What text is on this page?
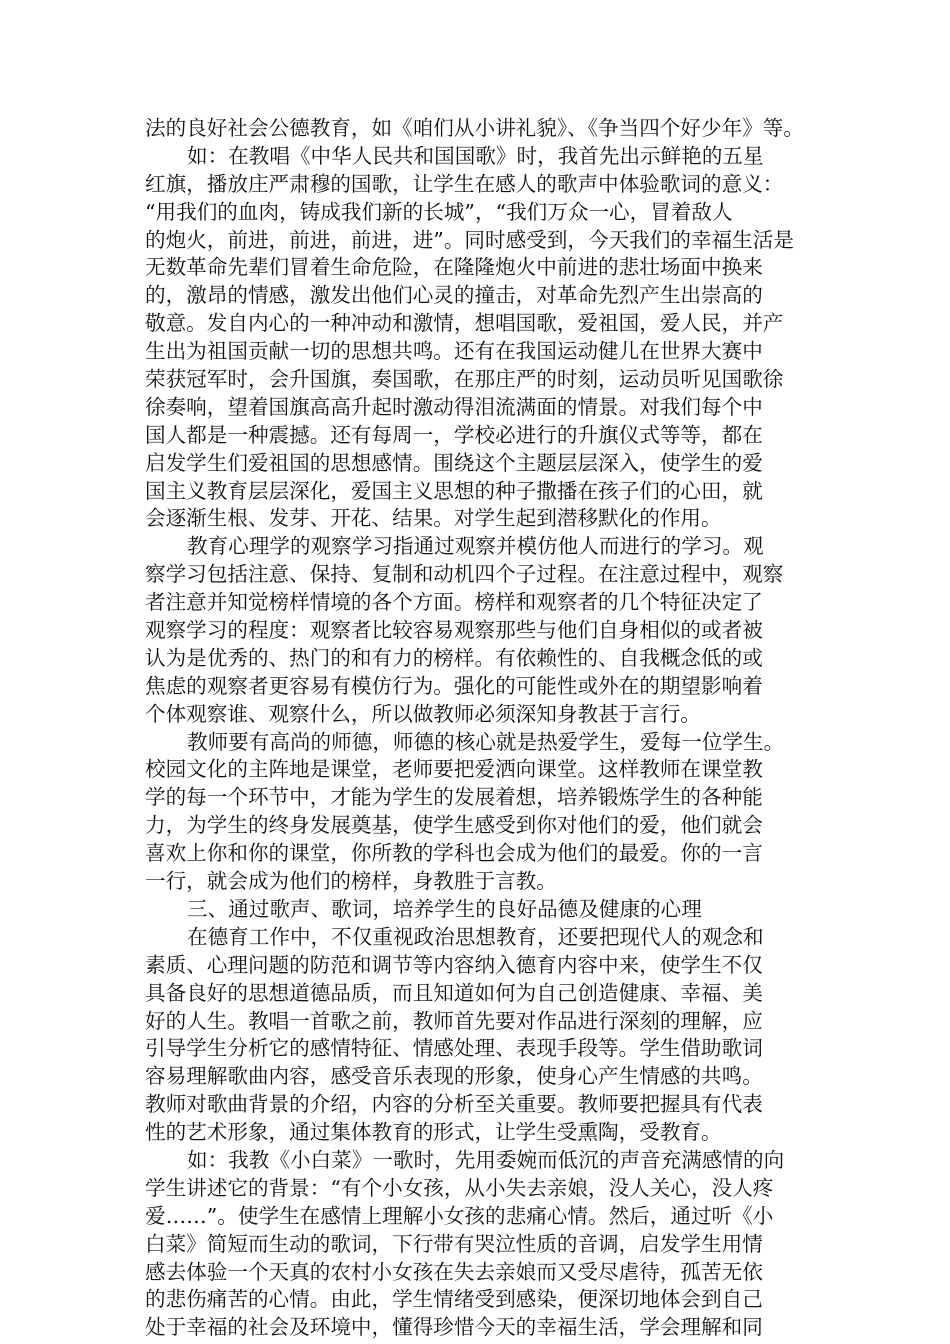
法的良好社会公德教育，如《咱们从小讲礼貌》、《争当四个好少年》等。
如：在教唱《中华人民共和国国歌》时，我首先出示鲜艳的五星
红旗，播放庄严肃穆的国歌，让学生在感人的歌声中体验歌词的意义：
“用我们的血肉，铸成我们新的长城”，“我们万众一心，冒着敌人
的炮火，前进，前进，前进，进”。同时感受到，今天我们的幸福生活是
无数革命先辈们冒着生命危险，在隆隆炮火中前进的悲壮场面中换来
的，激昂的情感，激发出他们心灵的撞击，对革命先烈产生出崇高的
敬意。发自内心的一种冲动和激情，想唱国歌，爱祖国，爱人民，并产
生出为祖国贡献一切的思想共鸣。还有在我国运动健儿在世界大赛中
荣获冠军时，会升国旗，奏国歌，在那庄严的时刻，运动员听见国歌徐
徐奏响，望着国旗高高升起时激动得泪流满面的情景。对我们每个中
国人都是一种震撼。还有每周一，学校必进行的升旗仪式等等，都在
启发学生们爱祖国的思想感情。围绕这个主题层层深入，使学生的爱
国主义教育层层深化，爱国主义思想的种子撒播在孩子们的心田，就
会逐渐生根、发芽、开花、结果。对学生起到潜移默化的作用。
教育心理学的观察学习指通过观察并模仿他人而进行的学习。观
察学习包括注意、保持、复制和动机四个子过程。在注意过程中，观察
者注意并知觉榜样情境的各个方面。榜样和观察者的几个特征决定了
观察学习的程度：观察者比较容易观察那些与他们自身相似的或者被
认为是优秀的、热门的和有力的榜样。有依赖性的、自我概念低的或
焦虑的观察者更容易有模仿行为。强化的可能性或外在的期望影响着
个体观察谁、观察什么，所以做教师必须深知身教甚于言行。
教师要有高尚的师德，师德的核心就是热爱学生，爱每一位学生。
校园文化的主阵地是课堂，老师要把爱洒向课堂。这样教师在课堂教
学的每一个环节中，才能为学生的发展着想，培养锻炼学生的各种能
力，为学生的终身发展奠基，使学生感受到你对他们的爱，他们就会
喜欢上你和你的课堂，你所教的学科也会成为他们的最爱。你的一言
一行，就会成为他们的榜样，身教胜于言教。
三、通过歌声、歌词，培养学生的良好品德及健康的心理
在德育工作中，不仅重视政治思想教育，还要把现代人的观念和
素质、心理问题的防范和调节等内容纳入德育内容中来，使学生不仅
具备良好的思想道德品质，而且知道如何为自己创造健康、幸福、美
好的人生。教唱一首歌之前，教师首先要对作品进行深刻的理解，应
引导学生分析它的感情特征、情感处理、表现手段等。学生借助歌词
容易理解歌曲内容，感受音乐表现的形象，使身心产生情感的共鸣。
教师对歌曲背景的介绍，内容的分析至关重要。教师要把握具有代表
性的艺术形象，通过集体教育的形式，让学生受熏陶，受教育。
如：我教《小白菜》一歌时，先用委婉而低沉的声音充满感情的向
学生讲述它的背景：“有个小女孩，从小失去亲娘，没人关心，没人疼
爱……”。使学生在感情上理解小女孩的悲痛心情。然后，通过听《小
白菜》简短而生动的歌词，下行带有哭泣性质的音调，启发学生用情
感去体验一个天真的农村小女孩在失去亲娘而又受尽虐待，孤苦无依
的悲伤痛苦的心情。由此，学生情绪受到感染，便深切地体会到自己
处于幸福的社会及环境中，懂得珍惜今天的幸福生活，学会理解和同
